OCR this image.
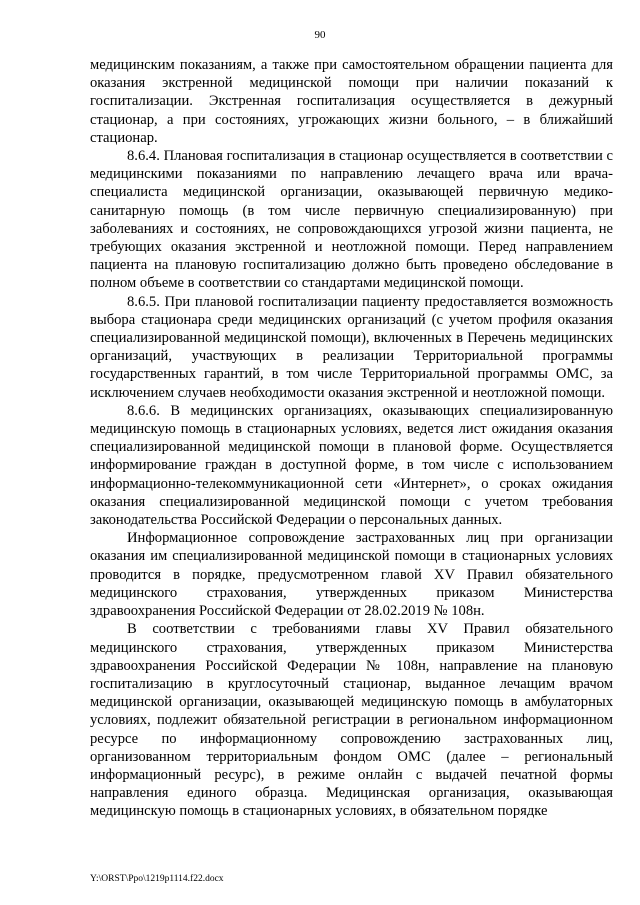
90

медицинским показаниям, а также при самостоятельном обращении пациента для оказания экстренной медицинской помощи при наличии показаний к госпитализации. Экстренная госпитализация осуществляется в дежурный стационар, а при состояниях, угрожающих жизни больного, – в ближайший стационар.

8.6.4. Плановая госпитализация в стационар осуществляется в соответствии с медицинскими показаниями по направлению лечащего врача или врача-специалиста медицинской организации, оказывающей первичную медико-санитарную помощь (в том числе первичную специализированную) при заболеваниях и состояниях, не сопровождающихся угрозой жизни пациента, не требующих оказания экстренной и неотложной помощи. Перед направлением пациента на плановую госпитализацию должно быть проведено обследование в полном объеме в соответствии со стандартами медицинской помощи.

8.6.5. При плановой госпитализации пациенту предоставляется возможность выбора стационара среди медицинских организаций (с учетом профиля оказания специализированной медицинской помощи), включенных в Перечень медицинских организаций, участвующих в реализации Территориальной программы государственных гарантий, в том числе Территориальной программы ОМС, за исключением случаев необходимости оказания экстренной и неотложной помощи.

8.6.6. В медицинских организациях, оказывающих специализированную медицинскую помощь в стационарных условиях, ведется лист ожидания оказания специализированной медицинской помощи в плановой форме. Осуществляется информирование граждан в доступной форме, в том числе с использованием информационно-телекоммуникационной сети «Интернет», о сроках ожидания оказания специализированной медицинской помощи с учетом требования законодательства Российской Федерации о персональных данных.

Информационное сопровождение застрахованных лиц при организации оказания им специализированной медицинской помощи в стационарных условиях проводится в порядке, предусмотренном главой XV Правил обязательного медицинского страхования, утвержденных приказом Министерства здравоохранения Российской Федерации от 28.02.2019 № 108н.

В соответствии с требованиями главы XV Правил обязательного медицинского страхования, утвержденных приказом Министерства здравоохранения Российской Федерации № 108н, направление на плановую госпитализацию в круглосуточный стационар, выданное лечащим врачом медицинской организации, оказывающей медицинскую помощь в амбулаторных условиях, подлежит обязательной регистрации в региональном информационном ресурсе по информационному сопровождению застрахованных лиц, организованном территориальным фондом ОМС (далее – региональный информационный ресурс), в режиме онлайн с выдачей печатной формы направления единого образца. Медицинская организация, оказывающая медицинскую помощь в стационарных условиях, в обязательном порядке

Y:\ORST\Ppo\1219p1114.f22.docx
